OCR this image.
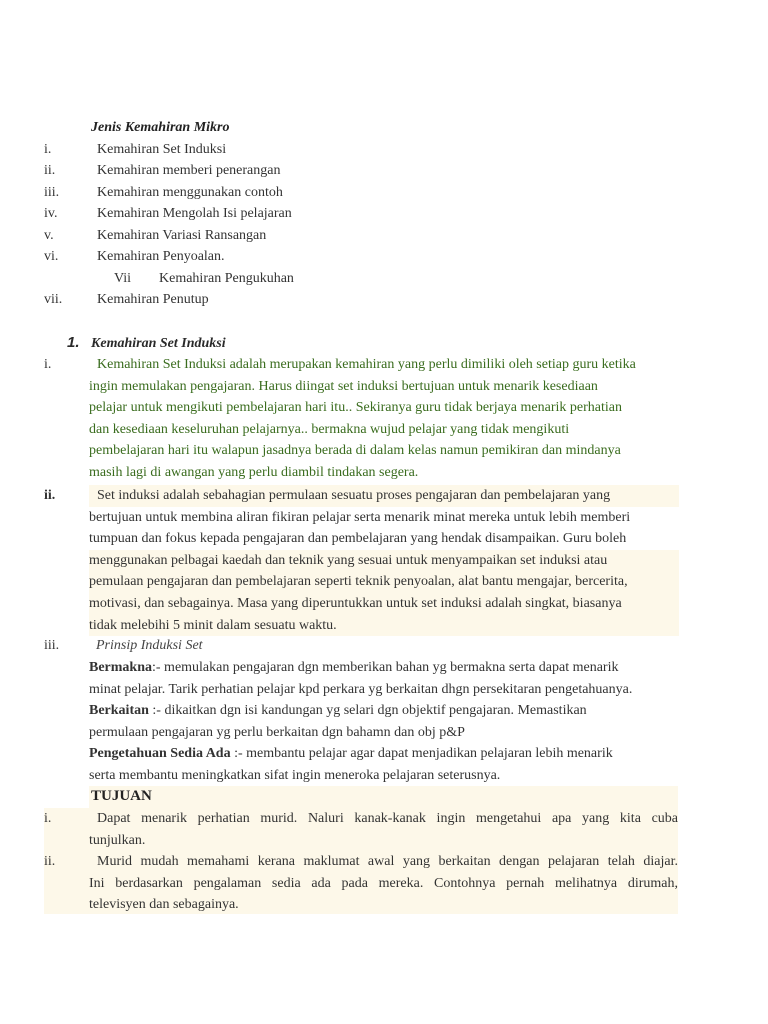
Jenis Kemahiran Mikro
i.	Kemahiran Set Induksi
ii.	Kemahiran memberi penerangan
iii.	Kemahiran menggunakan contoh
iv.	Kemahiran Mengolah Isi pelajaran
v.	Kemahiran Variasi Ransangan
vi.	Kemahiran Penyoalan.
Vii Kemahiran Pengukuhan
vii. Kemahiran Penutup
1. Kemahiran Set Induksi
i.	Kemahiran Set Induksi adalah merupakan kemahiran yang perlu dimiliki oleh setiap guru ketika
ingin memulakan pengajaran. Harus diingat set induksi bertujuan untuk menarik kesediaan
pelajar untuk mengikuti pembelajaran hari itu.. Sekiranya guru tidak berjaya menarik perhatian
dan kesediaan keseluruhan pelajarnya.. bermakna wujud pelajar yang tidak mengikuti
pembelajaran hari itu walapun jasadnya berada di dalam kelas namun pemikiran dan mindanya
masih lagi di awangan yang perlu diambil tindakan segera.
ii.	Set induksi adalah sebahagian permulaan sesuatu proses pengajaran dan pembelajaran yang
bertujuan untuk membina aliran fikiran pelajar serta menarik minat mereka untuk lebih memberi
tumpuan dan fokus kepada pengajaran dan pembelajaran yang hendak disampaikan. Guru boleh
menggunakan pelbagai kaedah dan teknik yang sesuai untuk menyampaikan set induksi atau
pemulaan pengajaran dan pembelajaran seperti teknik penyoalan, alat bantu mengajar, bercerita,
motivasi, dan sebagainya. Masa yang diperuntukkan untuk set induksi adalah singkat, biasanya
tidak melebihi 5 minit dalam sesuatu waktu.
iii.	Prinsip Induksi Set
Bermakna:- memulakan pengajaran dgn memberikan bahan yg bermakna serta dapat menarik
minat pelajar. Tarik perhatian pelajar kpd perkara yg berkaitan dhgn persekitaran pengetahuanya.
Berkaitan :- dikaitkan dgn isi kandungan yg selari dgn objektif pengajaran. Memastikan
permulaan pengajaran yg perlu berkaitan dgn bahamn dan obj p&P
Pengetahuan Sedia Ada :- membantu pelajar agar dapat menjadikan pelajaran lebih menarik
serta membantu meningkatkan sifat ingin meneroka pelajaran seterusnya.
TUJUAN
i.	Dapat menarik perhatian murid. Naluri kanak-kanak ingin mengetahui apa yang kita cuba
tunjulkan.
ii.	Murid mudah memahami kerana maklumat awal yang berkaitan dengan pelajaran telah diajar.
Ini berdasarkan pengalaman sedia ada pada mereka. Contohnya pernah melihatnya dirumah,
televisyen dan sebagainya.
